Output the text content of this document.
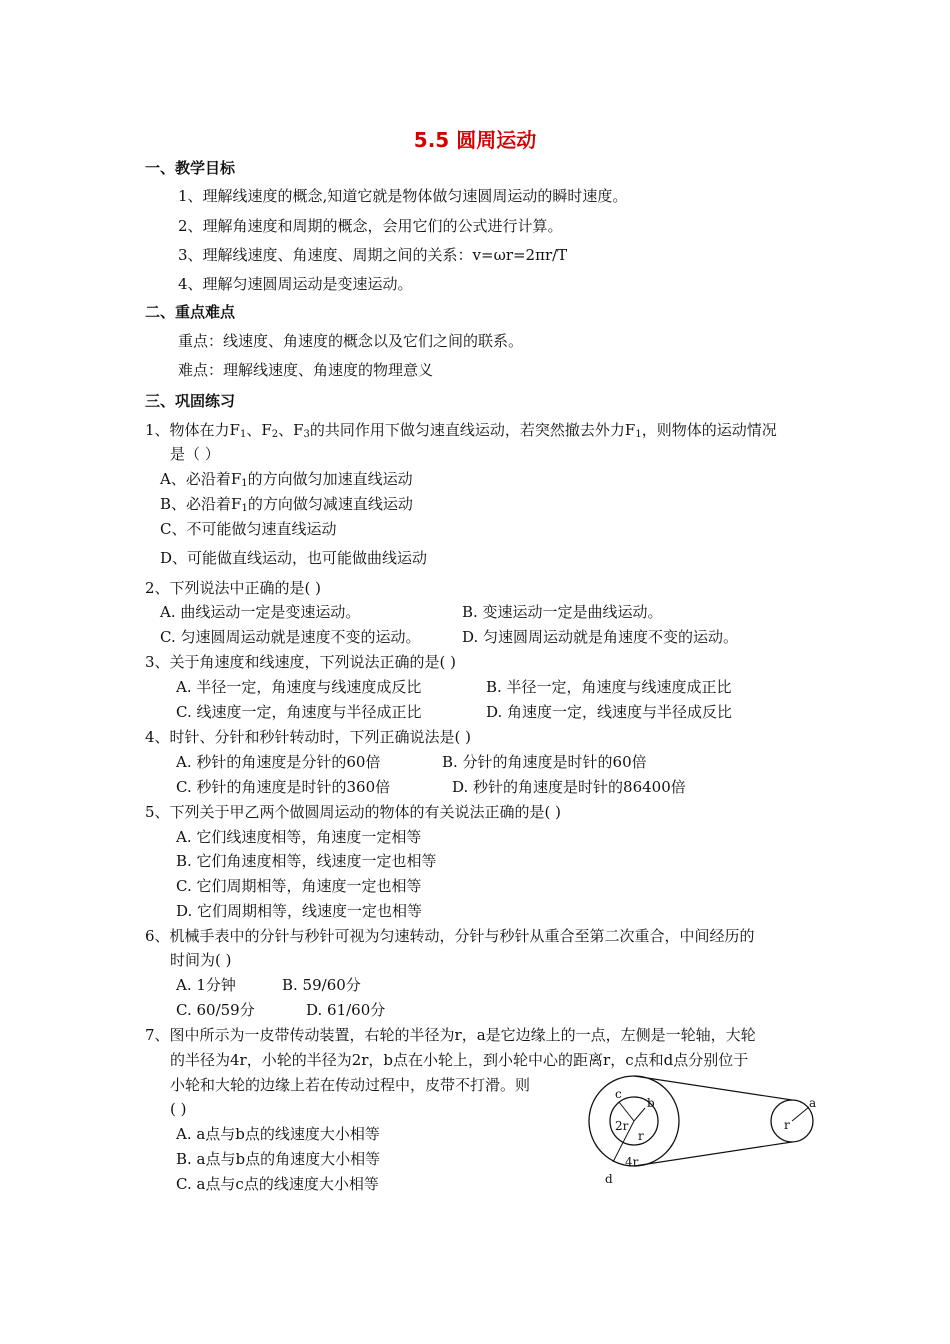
5.5 圆周运动
一、教学目标
1、理解线速度的概念,知道它就是物体做匀速圆周运动的瞬时速度。
2、理解角速度和周期的概念，会用它们的公式进行计算。
3、理解线速度、角速度、周期之间的关系：v=ωr=2πr/T
4、理解匀速圆周运动是变速运动。
二、重点难点
重点：线速度、角速度的概念以及它们之间的联系。
难点：理解线速度、角速度的物理意义
三、巩固练习
1、物体在力$F_1$、$F_2$、$F_3$的共同作用下做匀速直线运动，若突然撤去外力$F_1$，则物体的运动情况
是（ ）
A、必沿着$F_1$的方向做匀加速直线运动
B、必沿着$F_1$的方向做匀减速直线运动
C、不可能做匀速直线运动
D、可能做直线运动，也可能做曲线运动
2、下列说法中正确的是( )
A. 曲线运动一定是变速运动。	B. 变速运动一定是曲线运动。
C. 匀速圆周运动就是速度不变的运动。	D. 匀速圆周运动就是角速度不变的运动。
3、关于角速度和线速度，下列说法正确的是( )
A. 半径一定，角速度与线速度成反比	B. 半径一定，角速度与线速度成正比
C. 线速度一定，角速度与半径成正比	D. 角速度一定，线速度与半径成反比
4、时针、分针和秒针转动时，下列正确说法是( )
A. 秒针的角速度是分针的60倍	B. 分针的角速度是时针的60倍
C. 秒针的角速度是时针的360倍	D. 秒针的角速度是时针的86400倍
5、下列关于甲乙两个做圆周运动的物体的有关说法正确的是( )
A. 它们线速度相等，角速度一定相等
B. 它们角速度相等，线速度一定也相等
C. 它们周期相等，角速度一定也相等
D. 它们周期相等，线速度一定也相等
6、机械手表中的分针与秒针可视为匀速转动，分针与秒针从重合至第二次重合，中间经历的
时间为( )
A. 1分钟	B. 59/60分
C. 60/59分	D. 61/60分
7、图中所示为一皮带传动装置，右轮的半径为r，a是它边缘上的一点，左侧是一轮轴，大轮
的半径为4r，小轮的半径为2r，b点在小轮上，到小轮中心的距离r，c点和d点分别位于
小轮和大轮的边缘上若在传动过程中，皮带不打滑。则
( )
A. a点与b点的线速度大小相等
B. a点与b点的角速度大小相等
C. a点与c点的线速度大小相等
c
b
2r
r
4r
d
r
a
